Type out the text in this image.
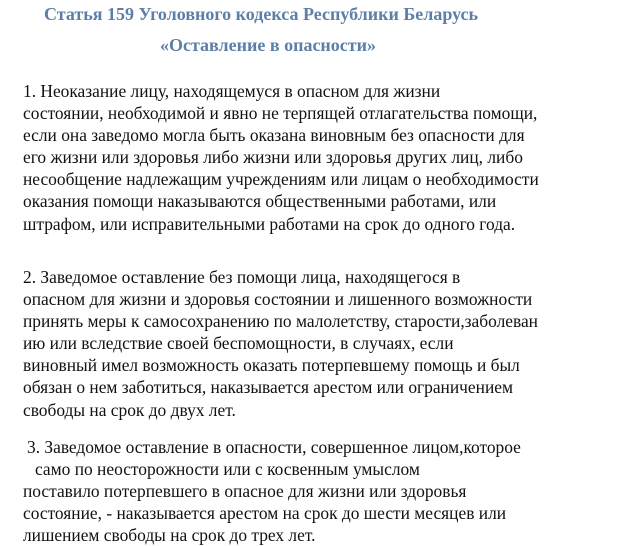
Статья 159 Уголовного кодекса Республики Беларусь
«Оставление в опасности»

1. Неоказание лицу, находящемуся в опасном для жизни
состоянии, необходимой и явно не терпящей отлагательства помощи,
если она заведомо могла быть оказана виновным без опасности для
его жизни или здоровья либо жизни или здоровья других лиц, либо
несообщение надлежащим учреждениям или лицам о необходимости
оказания помощи наказываются общественными работами, или
штрафом, или исправительными работами на срок до одного года.

2. Заведомое оставление без помощи лица, находящегося в
опасном для жизни и здоровья состоянии и лишенного возможности
принять меры к самосохранению по малолетству, старости,заболеван
ию или вследствие своей беспомощности, в случаях, если
виновный имел возможность оказать потерпевшему помощь и был
обязан о нем заботиться, наказывается арестом или ограничением
свободы на срок до двух лет.

3. Заведомое оставление в опасности, совершенное лицом,которое
само по неосторожности или с косвенным умыслом
поставило потерпевшего в опасное для жизни или здоровья
состояние, - наказывается арестом на срок до шести месяцев или
лишением свободы на срок до трех лет.
